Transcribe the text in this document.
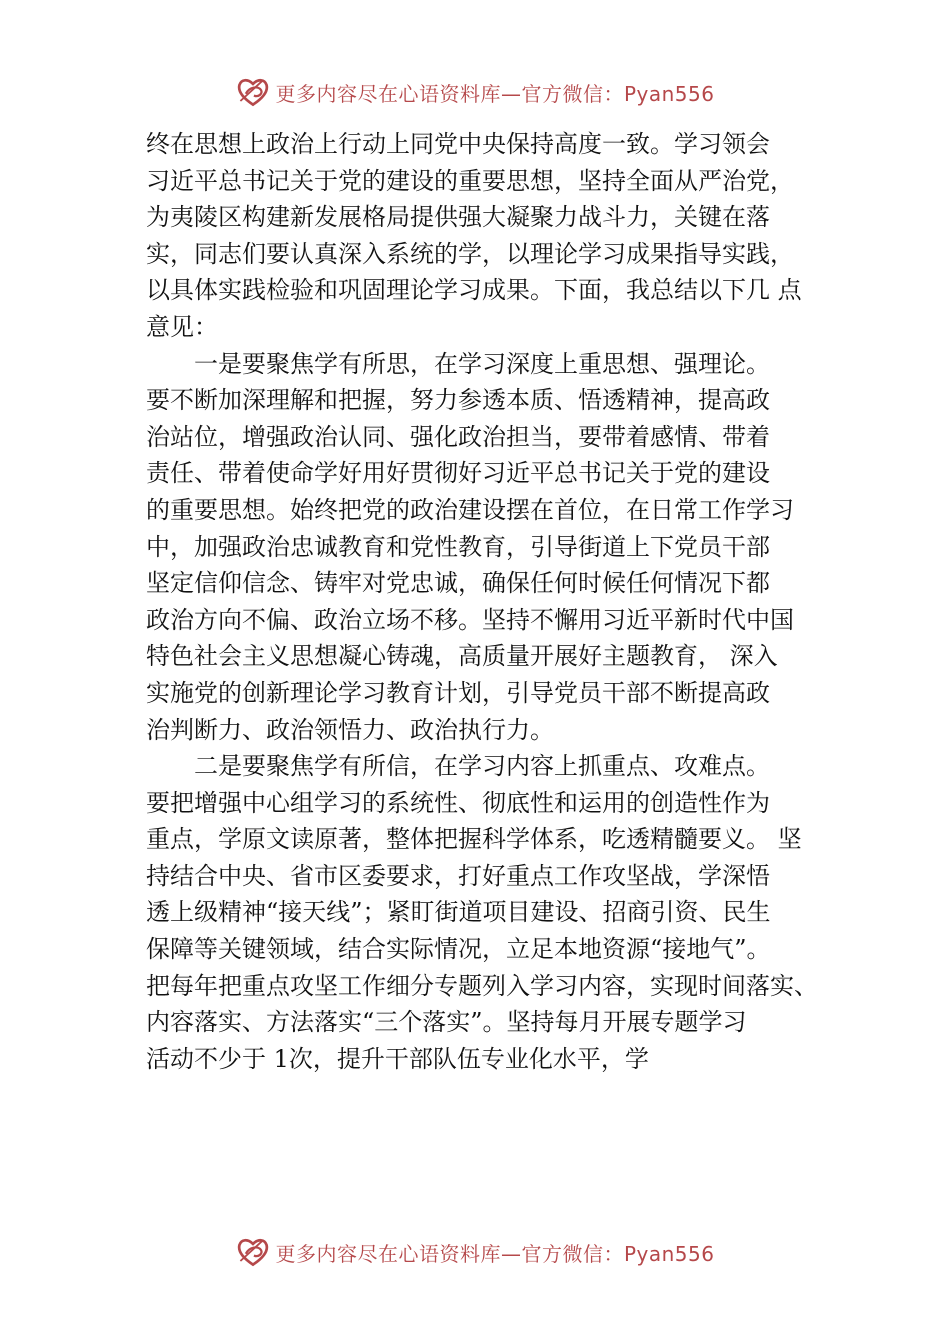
更多内容尽在心语资料库—官方微信：Pyan556
终在思想上政治上行动上同党中央保持高度一致。学习领会
习近平总书记关于党的建设的重要思想，坚持全面从严治党，
为夷陵区构建新发展格局提供强大凝聚力战斗力，关键在落
实，同志们要认真深入系统的学，以理论学习成果指导实践，
以具体实践检验和巩固理论学习成果。下面，我总结以下几 点
意见：
一是要聚焦学有所思，在学习深度上重思想、强理论。
要不断加深理解和把握，努力参透本质、悟透精神，提高政
治站位，增强政治认同、强化政治担当，要带着感情、带着
责任、带着使命学好用好贯彻好习近平总书记关于党的建设
的重要思想。始终把党的政治建设摆在首位，在日常工作学习
中，加强政治忠诚教育和党性教育，引导街道上下党员干部
坚定信仰信念、铸牢对党忠诚，确保任何时候任何情况下都
政治方向不偏、政治立场不移。坚持不懈用习近平新时代中国
特色社会主义思想凝心铸魂，高质量开展好主题教育， 深入
实施党的创新理论学习教育计划，引导党员干部不断提高政
治判断力、政治领悟力、政治执行力。
二是要聚焦学有所信，在学习内容上抓重点、攻难点。
要把增强中心组学习的系统性、彻底性和运用的创造性作为
重点，学原文读原著，整体把握科学体系，吃透精髓要义。 坚
持结合中央、省市区委要求，打好重点工作攻坚战，学深悟
透上级精神“接天线”；紧盯街道项目建设、招商引资、民生
保障等关键领域，结合实际情况，立足本地资源“接地气”。
把每年把重点攻坚工作细分专题列入学习内容，实现时间落实、
内容落实、方法落实“三个落实”。坚持每月开展专题学习
活动不少于 1次，提升干部队伍专业化水平，学
更多内容尽在心语资料库—官方微信：Pyan556
